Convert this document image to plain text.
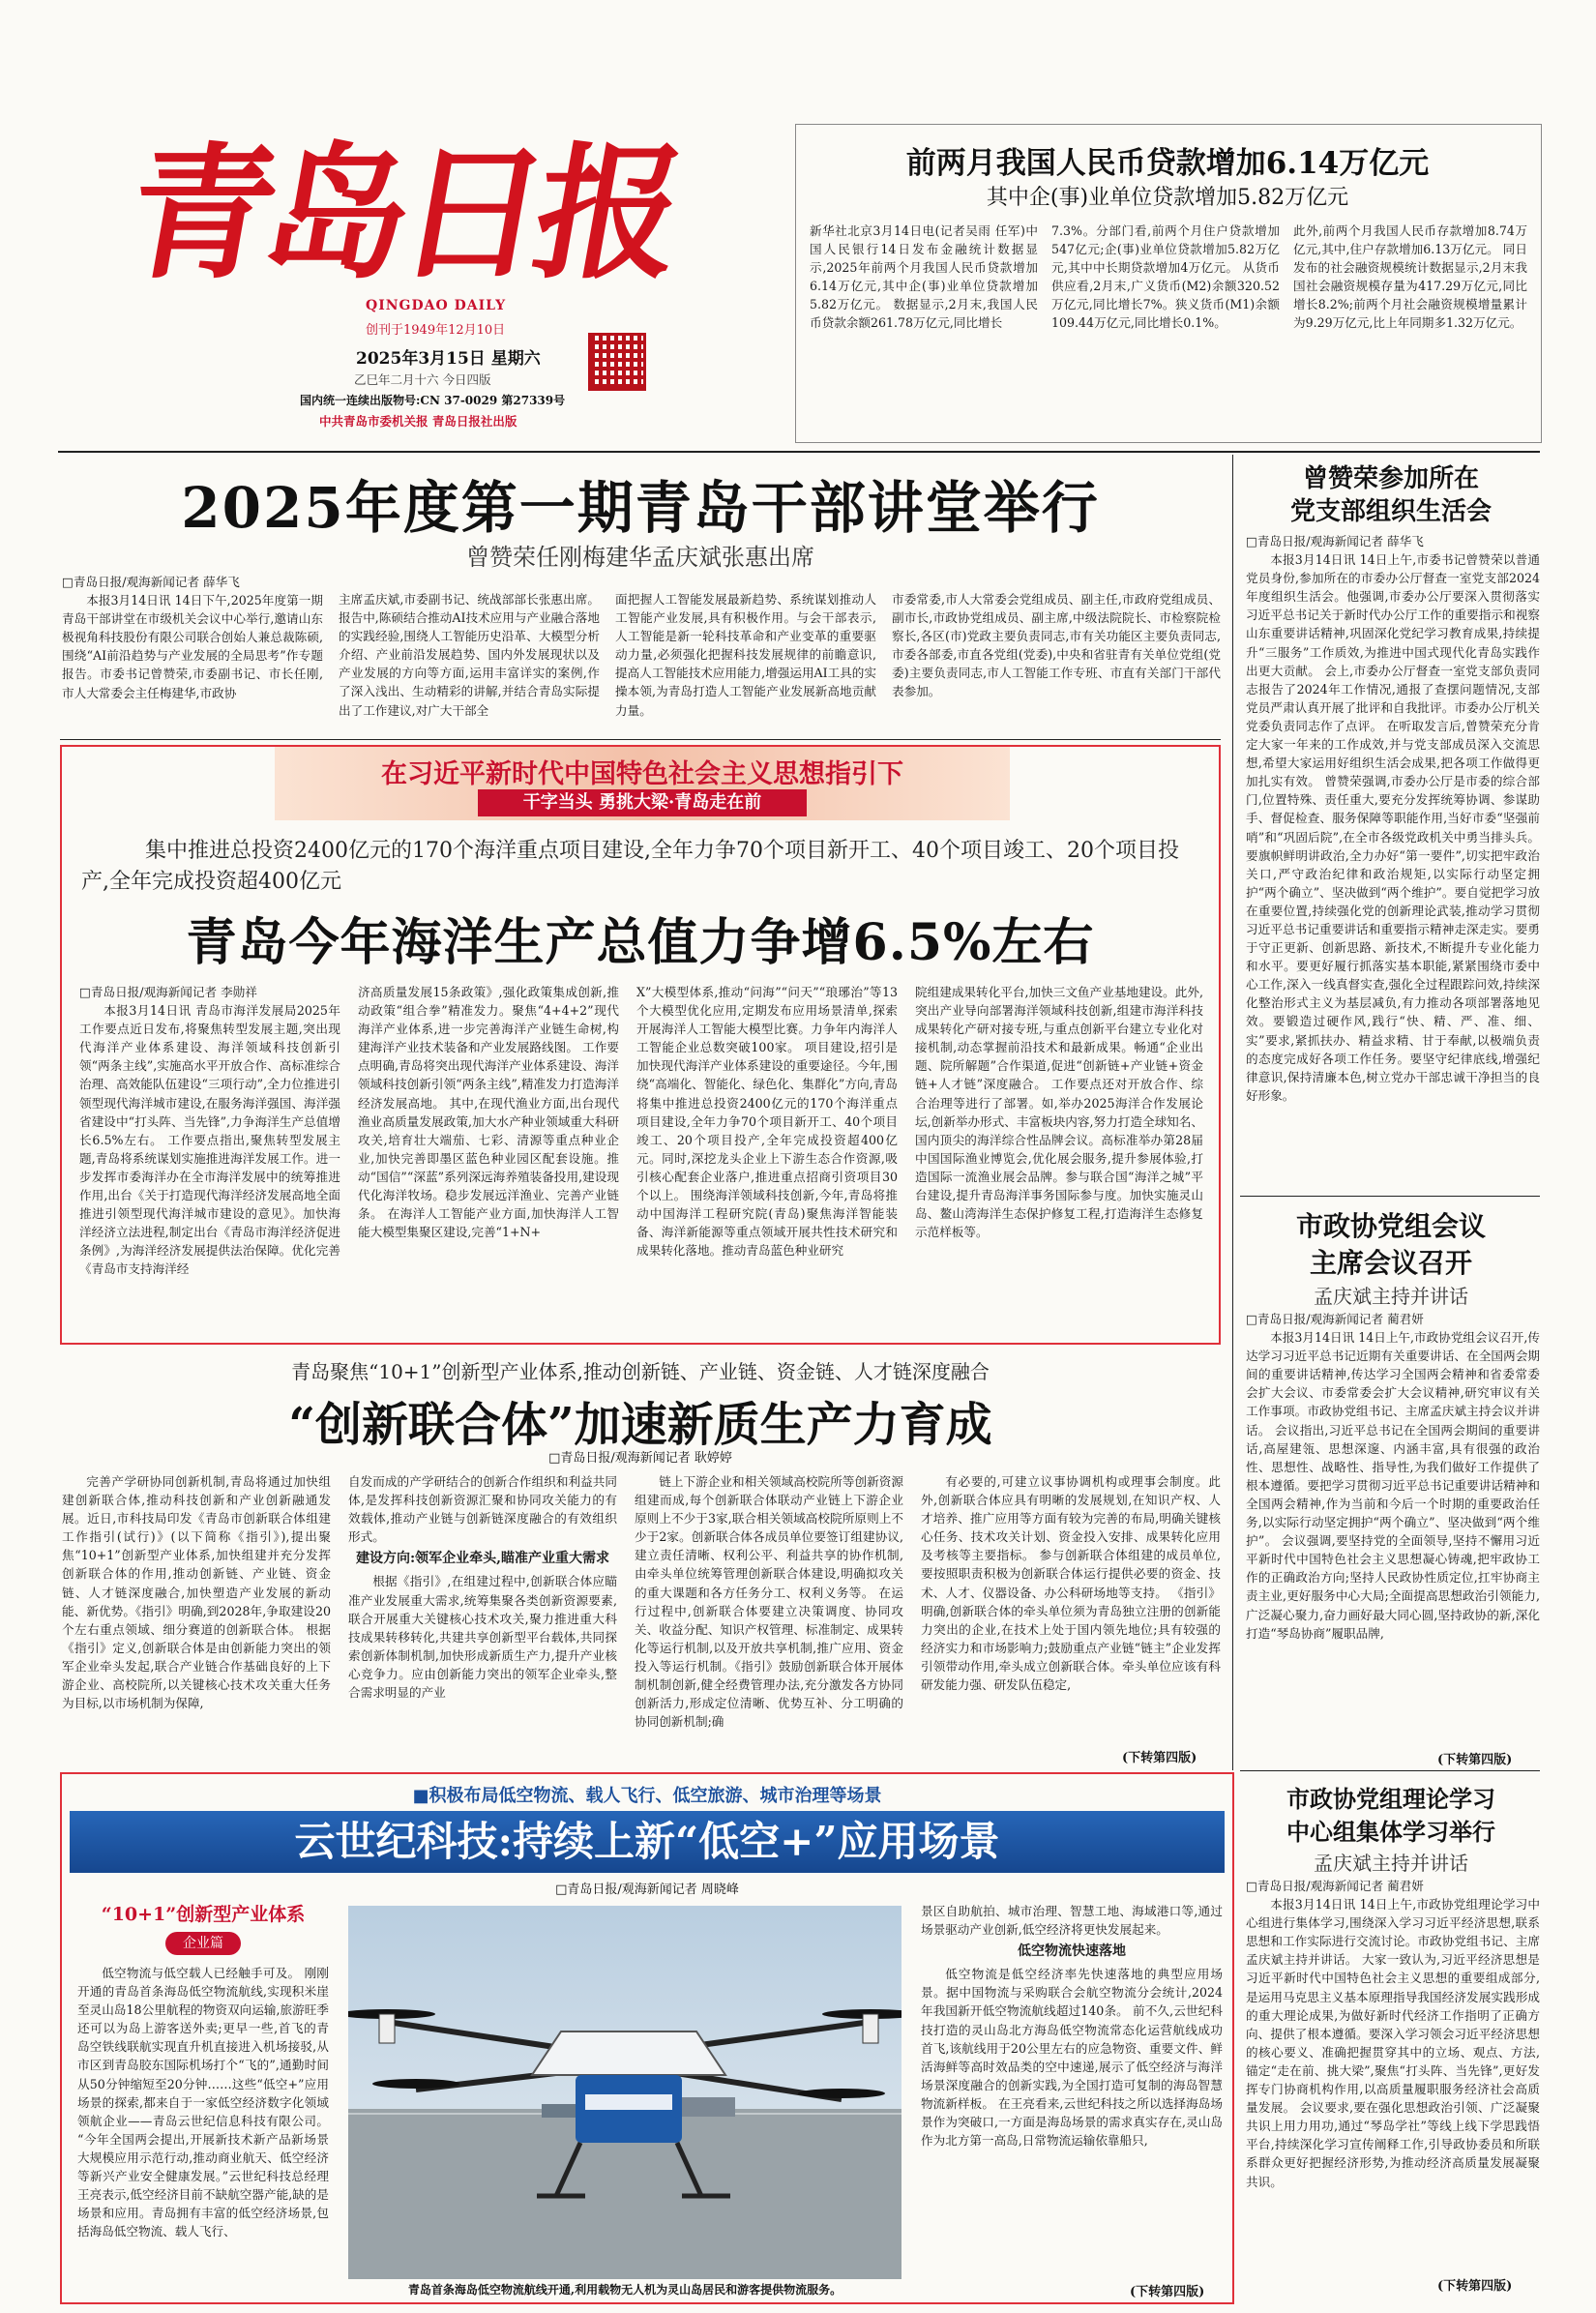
青岛日报
QINGDAO DAILY
创刊于1949年12月10日
2025年3月15日 星期六
乙巳年二月十六 今日四版
国内统一连续出版物号:CN 37-0029 第27339号
中共青岛市委机关报 青岛日报社出版
前两月我国人民币贷款增加6.14万亿元
其中企(事)业单位贷款增加5.82万亿元

新华社北京3月14日电(记者吴雨 任军)中国人民银行14日发布金融统计数据显示,2025年前两个月我国人民币贷款增加6.14万亿元,其中企(事)业单位贷款增加5.82万亿元。 数据显示,2月末,我国人民币贷款余额261.78万亿元,同比增长

7.3%。分部门看,前两个月住户贷款增加547亿元;企(事)业单位贷款增加5.82万亿元,其中中长期贷款增加4万亿元。 从货币供应看,2月末,广义货币(M2)余额320.52万亿元,同比增长7%。狭义货币(M1)余额109.44万亿元,同比增长0.1%。

此外,前两个月我国人民币存款增加8.74万亿元,其中,住户存款增加6.13万亿元。 同日发布的社会融资规模统计数据显示,2月末我国社会融资规模存量为417.29万亿元,同比增长8.2%;前两个月社会融资规模增量累计为9.29万亿元,比上年同期多1.32万亿元。

2025年度第一期青岛干部讲堂举行
曾赞荣任刚梅建华孟庆斌张惠出席

□青岛日报/观海新闻记者 薛华飞

本报3月14日讯 14日下午,2025年度第一期青岛干部讲堂在市级机关会议中心举行,邀请山东极视角科技股份有限公司联合创始人兼总裁陈硕,围绕“AI前沿趋势与产业发展的全局思考”作专题报告。市委书记曾赞荣,市委副书记、市长任刚,市人大常委会主任梅建华,市政协

主席孟庆斌,市委副书记、统战部部长张惠出席。 报告中,陈硕结合推动AI技术应用与产业融合落地的实践经验,围绕人工智能历史沿革、大模型分析介绍、产业前沿发展趋势、国内外发展现状以及产业发展的方向等方面,运用丰富详实的案例,作了深入浅出、生动精彩的讲解,并结合青岛实际提出了工作建议,对广大干部全

面把握人工智能发展最新趋势、系统谋划推动人工智能产业发展,具有积极作用。与会干部表示,人工智能是新一轮科技革命和产业变革的重要驱动力量,必须强化把握科技发展规律的前瞻意识,提高人工智能技术应用能力,增强运用AI工具的实操本领,为青岛打造人工智能产业发展新高地贡献力量。

市委常委,市人大常委会党组成员、副主任,市政府党组成员、副市长,市政协党组成员、副主席,中级法院院长、市检察院检察长,各区(市)党政主要负责同志,市有关功能区主要负责同志,市委各部委,市直各党组(党委),中央和省驻青有关单位党组(党委)主要负责同志,市人工智能工作专班、市直有关部门干部代表参加。

在习近平新时代中国特色社会主义思想指引下
干字当头 勇挑大梁·青岛走在前
集中推进总投资2400亿元的170个海洋重点项目建设,全年力争70个项目新开工、40个项目竣工、20个项目投产,全年完成投资超400亿元
青岛今年海洋生产总值力争增6.5%左右

□青岛日报/观海新闻记者 李勋祥

本报3月14日讯 青岛市海洋发展局2025年工作要点近日发布,将聚焦转型发展主题,突出现代海洋产业体系建设、海洋领域科技创新引领“两条主线”,实施高水平开放合作、高标准综合治理、高效能队伍建设“三项行动”,全力位推进引领型现代海洋城市建设,在服务海洋强国、海洋强省建设中“打头阵、当先锋”,力争海洋生产总值增长6.5%左右。 工作要点指出,聚焦转型发展主题,青岛将系统谋划实施推进海洋发展工作。进一步发挥市委海洋办在全市海洋发展中的统筹推进作用,出台《关于打造现代海洋经济发展高地全面推进引领型现代海洋城市建设的意见》。加快海洋经济立法进程,制定出台《青岛市海洋经济促进条例》,为海洋经济发展提供法治保障。优化完善《青岛市支持海洋经

济高质量发展15条政策》,强化政策集成创新,推动政策“组合拳”精准发力。聚焦“4+4+2”现代海洋产业体系,进一步完善海洋产业链生命树,构建海洋产业技术装备和产业发展路线图。 工作要点明确,青岛将突出现代海洋产业体系建设、海洋领域科技创新引领“两条主线”,精准发力打造海洋经济发展高地。 其中,在现代渔业方面,出台现代渔业高质量发展政策,加大水产种业领域重大科研攻关,培育壮大端茄、七彩、清源等重点种业企业,加快完善即墨区蓝色种业园区配套设施。推动“国信”“深蓝”系列深远海养殖装备投用,建设现代化海洋牧场。稳步发展远洋渔业、完善产业链条。 在海洋人工智能产业方面,加快海洋人工智能大模型集聚区建设,完善“1+N+

X”大模型体系,推动“问海”“问天”“琅琊治”等13个大模型优化应用,定期发布应用场景清单,探索开展海洋人工智能大模型比赛。力争年内海洋人工智能企业总数突破100家。 项目建设,招引是加快现代海洋产业体系建设的重要途径。今年,围绕“高端化、智能化、绿色化、集群化”方向,青岛将集中推进总投资2400亿元的170个海洋重点项目建设,全年力争70个项目新开工、40个项目竣工、20个项目投产,全年完成投资超400亿元。同时,深挖龙头企业上下游生态合作资源,吸引核心配套企业落户,推进重点招商引资项目30个以上。 围绕海洋领域科技创新,今年,青岛将推动中国海洋工程研究院(青岛)聚焦海洋智能装备、海洋新能源等重点领域开展共性技术研究和成果转化落地。推动青岛蓝色种业研究

院组建成果转化平台,加快三文鱼产业基地建设。此外,突出产业导向部署海洋领域科技创新,组建市海洋科技成果转化产研对接专班,与重点创新平台建立专业化对接机制,动态掌握前沿技术和最新成果。畅通“企业出题、院所解题”合作渠道,促进“创新链+产业链+资金链+人才链”深度融合。 工作要点还对开放合作、综合治理等进行了部署。如,举办2025海洋合作发展论坛,创新举办形式、丰富板块内容,努力打造全球知名、国内顶尖的海洋综合性品牌会议。高标准举办第28届中国国际渔业博览会,优化展会服务,提升参展体验,打造国际一流渔业展会品牌。参与联合国“海洋之城”平台建设,提升青岛海洋事务国际参与度。加快实施灵山岛、鳌山湾海洋生态保护修复工程,打造海洋生态修复示范样板等。

青岛聚焦“10+1”创新型产业体系,推动创新链、产业链、资金链、人才链深度融合
“创新联合体”加速新质生产力育成
□青岛日报/观海新闻记者 耿婷婷

完善产学研协同创新机制,青岛将通过加快组建创新联合体,推动科技创新和产业创新融通发展。近日,市科技局印发《青岛市创新联合体组建工作指引(试行)》(以下简称《指引》),提出聚焦“10+1”创新型产业体系,加快组建并充分发挥创新联合体的作用,推动创新链、产业链、资金链、人才链深度融合,加快塑造产业发展的新动能、新优势。《指引》明确,到2028年,争取建设20个左右重点领域、细分赛道的创新联合体。 根据《指引》定义,创新联合体是由创新能力突出的领军企业牵头发起,联合产业链合作基础良好的上下游企业、高校院所,以关键核心技术攻关重大任务为目标,以市场机制为保障,

自发而成的产学研结合的创新合作组织和利益共同体,是发挥科技创新资源汇聚和协同攻关能力的有效载体,推动产业链与创新链深度融合的有效组织形式。

建设方向:领军企业牵头,瞄准产业重大需求

根据《指引》,在组建过程中,创新联合体应瞄准产业发展重大需求,统筹集聚各类创新资源要素,联合开展重大关键核心技术攻关,聚力推进重大科技成果转移转化,共建共享创新型平台载体,共同探索创新体制机制,加快形成新质生产力,提升产业核心竞争力。应由创新能力突出的领军企业牵头,整合需求明显的产业

链上下游企业和相关领域高校院所等创新资源组建而成,每个创新联合体联动产业链上下游企业原则上不少于3家,联合相关领域高校院所原则上不少于2家。创新联合体各成员单位要签订组建协议,建立责任清晰、权利公平、利益共享的协作机制,由牵头单位统筹管理创新联合体建设,明确拟攻关的重大课题和各方任务分工、权利义务等。 在运行过程中,创新联合体要建立决策调度、协同攻关、收益分配、知识产权管理、标准制定、成果转化等运行机制,以及开放共享机制,推广应用、资金投入等运行机制。《指引》鼓励创新联合体开展体制机制创新,健全经费管理办法,充分激发各方协同创新活力,形成定位清晰、优势互补、分工明确的协同创新机制;确

有必要的,可建立议事协调机构或理事会制度。此外,创新联合体应具有明晰的发展规划,在知识产权、人才培养、推广应用等方面有较为完善的布局,明确关键核心任务、技术攻关计划、资金投入安排、成果转化应用及考核等主要指标。 参与创新联合体组建的成员单位,要按照职责积极为创新联合体运行提供必要的资金、技术、人才、仪器设备、办公科研场地等支持。 《指引》明确,创新联合体的牵头单位须为青岛独立注册的创新能力突出的企业,在技术上处于国内领先地位;具有较强的经济实力和市场影响力;鼓励重点产业链“链主”企业发挥引领带动作用,牵头成立创新联合体。牵头单位应该有科研发能力强、研发队伍稳定,

(下转第四版)
■积极布局低空物流、载人飞行、低空旅游、城市治理等场景
云世纪科技:持续上新“低空+”应用场景
□青岛日报/观海新闻记者 周晓峰
“10+1”创新型产业体系
企业篇

低空物流与低空载人已经触手可及。 刚刚开通的青岛首条海岛低空物流航线,实现积米崖至灵山岛18公里航程的物资双向运输,旅游旺季还可以为岛上游客送外卖;更早一些,首飞的青岛空铁线联航实现直升机直接进入机场接驳,从市区到青岛胶东国际机场打个“飞的”,通勤时间从50分钟缩短至20分钟……这些“低空+”应用场景的探索,都来自于一家低空经济数字化领域领航企业——青岛云世纪信息科技有限公司。 “今年全国两会提出,开展新技术新产品新场景大规模应用示范行动,推动商业航天、低空经济等新兴产业安全健康发展。”云世纪科技总经理王亮表示,低空经济目前不缺航空器产能,缺的是场景和应用。青岛拥有丰富的低空经济场景,包括海岛低空物流、载人飞行、

青岛首条海岛低空物流航线开通,利用载物无人机为灵山岛居民和游客提供物流服务。

景区自助航拍、城市治理、智慧工地、海域港口等,通过场景驱动产业创新,低空经济将更快发展起来。

低空物流快速落地

低空物流是低空经济率先快速落地的典型应用场景。据中国物流与采购联合会航空物流分会统计,2024年我国新开低空物流航线超过140条。 前不久,云世纪科技打造的灵山岛北方海岛低空物流常态化运营航线成功首飞,该航线用于20公里左右的应急物资、重要文件、鲜活海鲜等高时效品类的空中速递,展示了低空经济与海洋场景深度融合的创新实践,为全国打造可复制的海岛智慧物流新样板。 在王亮看来,云世纪科技之所以选择海岛场景作为突破口,一方面是海岛场景的需求真实存在,灵山岛作为北方第一高岛,日常物流运输依靠船只,

(下转第四版)
曾赞荣参加所在
党支部组织生活会

□青岛日报/观海新闻记者 薛华飞

本报3月14日讯 14日上午,市委书记曾赞荣以普通党员身份,参加所在的市委办公厅督查一室党支部2024年度组织生活会。他强调,市委办公厅要深入贯彻落实习近平总书记关于新时代办公厅工作的重要指示和视察山东重要讲话精神,巩固深化党纪学习教育成果,持续提升“三服务”工作质效,为推进中国式现代化青岛实践作出更大贡献。 会上,市委办公厅督查一室党支部负责同志报告了2024年工作情况,通报了查摆问题情况,支部党员严肃认真开展了批评和自我批评。市委办公厅机关党委负责同志作了点评。 在听取发言后,曾赞荣充分肯定大家一年来的工作成效,并与党支部成员深入交流思想,希望大家运用好组织生活会成果,把各项工作做得更加扎实有效。 曾赞荣强调,市委办公厅是市委的综合部门,位置特殊、责任重大,要充分发挥统筹协调、参谋助手、督促检查、服务保障等职能作用,当好市委“坚强前哨”和“巩固后院”,在全市各级党政机关中勇当排头兵。要旗帜鲜明讲政治,全力办好“第一要件”,切实把牢政治关口,严守政治纪律和政治规矩,以实际行动坚定拥护“两个确立”、坚决做到“两个维护”。要自觉把学习放在重要位置,持续强化党的创新理论武装,推动学习贯彻习近平总书记重要讲话和重要指示精神走深走实。要勇于守正更新、创新思路、新技术,不断提升专业化能力和水平。要更好履行抓落实基本职能,紧紧围绕市委中心工作,深入一线真督实查,强化全过程跟踪问效,持续深化整治形式主义为基层减负,有力推动各项部署落地见效。要锻造过硬作风,践行“快、精、严、准、细、实”要求,紧抓扶办、精益求精、甘于奉献,以极端负责的态度完成好各项工作任务。要坚守纪律底线,增强纪律意识,保持清廉本色,树立党办干部忠诚干净担当的良好形象。

市政协党组会议
主席会议召开
孟庆斌主持并讲话

□青岛日报/观海新闻记者 蔺君妍

本报3月14日讯 14日上午,市政协党组会议召开,传达学习习近平总书记近期有关重要讲话、在全国两会期间的重要讲话精神,传达学习全国两会精神和省委常委会扩大会议、市委常委会扩大会议精神,研究审议有关工作事项。市政协党组书记、主席孟庆斌主持会议并讲话。 会议指出,习近平总书记在全国两会期间的重要讲话,高屋建瓴、思想深邃、内涵丰富,具有很强的政治性、思想性、战略性、指导性,为我们做好工作提供了根本遵循。要把学习贯彻习近平总书记重要讲话精神和全国两会精神,作为当前和今后一个时期的重要政治任务,以实际行动坚定拥护“两个确立”、坚决做到“两个维护”。 会议强调,要坚持党的全面领导,坚持不懈用习近平新时代中国特色社会主义思想凝心铸魂,把牢政协工作的正确政治方向;坚持人民政协性质定位,扛牢协商主责主业,更好服务中心大局;全面提高思想政治引领能力,广泛凝心聚力,奋力画好最大同心圆,坚持政协的新,深化打造“琴岛协商”履职品牌,

(下转第四版)
市政协党组理论学习
中心组集体学习举行
孟庆斌主持并讲话

□青岛日报/观海新闻记者 蔺君妍

本报3月14日讯 14日上午,市政协党组理论学习中心组进行集体学习,围绕深入学习习近平经济思想,联系思想和工作实际进行交流讨论。市政协党组书记、主席孟庆斌主持并讲话。 大家一致认为,习近平经济思想是习近平新时代中国特色社会主义思想的重要组成部分,是运用马克思主义基本原理指导我国经济发展实践形成的重大理论成果,为做好新时代经济工作指明了正确方向、提供了根本遵循。要深入学习领会习近平经济思想的核心要义、准确把握贯穿其中的立场、观点、方法,锚定“走在前、挑大梁”,聚焦“打头阵、当先锋”,更好发挥专门协商机构作用,以高质量履职服务经济社会高质量发展。 会议要求,要在强化思想政治引领、广泛凝聚共识上用力用功,通过“琴岛学社”等线上线下学思践悟平台,持续深化学习宣传阐释工作,引导政协委员和所联系群众更好把握经济形势,为推动经济高质量发展凝聚共识。

(下转第四版)
